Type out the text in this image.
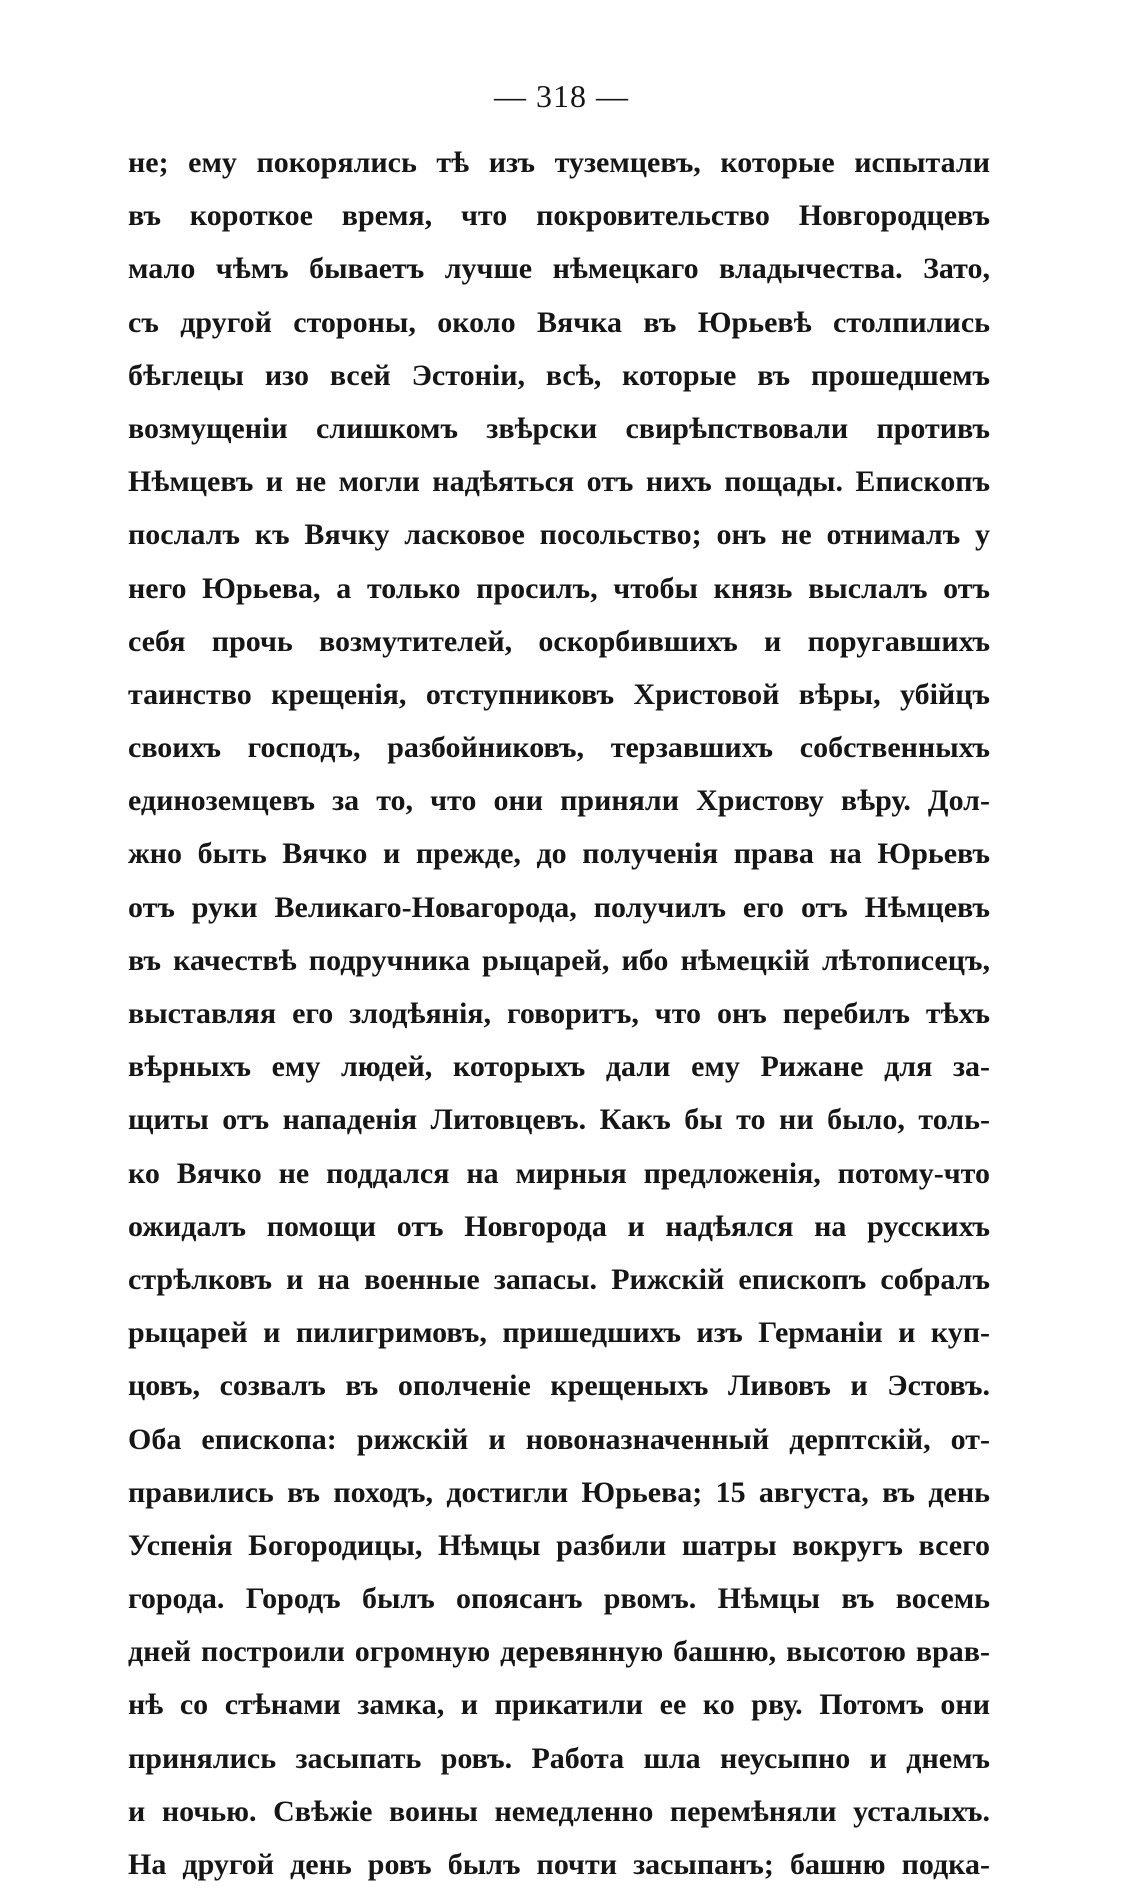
— 318 —
не; ему покорялись тѣ изъ туземцевъ, которые испытали
въ короткое время, что покровительство Новгородцевъ
мало чѣмъ бываетъ лучше нѣмецкаго владычества. Зато,
съ другой стороны, около Вячка въ Юрьевѣ столпились
бѣглецы изо всей Эстоніи, всѣ, которые въ прошедшемъ
возмущеніи слишкомъ звѣрски свирѣпствовали противъ
Нѣмцевъ и не могли надѣяться отъ нихъ пощады. Епископъ
послалъ къ Вячку ласковое посольство; онъ не отнималъ у
него Юрьева, а только просилъ, чтобы князь выслалъ отъ
себя прочь возмутителей, оскорбившихъ и поругавшихъ
таинство крещенія, отступниковъ Христовой вѣры, убійцъ
своихъ господъ, разбойниковъ, терзавшихъ собственныхъ
единоземцевъ за то, что они приняли Христову вѣру. Дол-
жно быть Вячко и прежде, до полученія права на Юрьевъ
отъ руки Великаго-Новагорода, получилъ его отъ Нѣмцевъ
въ качествѣ подручника рыцарей, ибо нѣмецкій лѣтописецъ,
выставляя его злодѣянія, говоритъ, что онъ перебилъ тѣхъ
вѣрныхъ ему людей, которыхъ дали ему Рижане для за-
щиты отъ нападенія Литовцевъ. Какъ бы то ни было, толь-
ко Вячко не поддался на мирныя предложенія, потому-что
ожидалъ помощи отъ Новгорода и надѣялся на русскихъ
стрѣлковъ и на военные запасы. Рижскій епископъ собралъ
рыцарей и пилигримовъ, пришедшихъ изъ Германіи и куп-
цовъ, созвалъ въ ополченіе крещеныхъ Ливовъ и Эстовъ.
Оба епископа: рижскій и новоназначенный дерптскій, от-
правились въ походъ, достигли Юрьева; 15 августа, въ день
Успенія Богородицы, Нѣмцы разбили шатры вокругъ всего
города. Городъ былъ опоясанъ рвомъ. Нѣмцы въ восемь
дней построили огромную деревянную башню, высотою врав-
нѣ со стѣнами замка, и прикатили ее ко рву. Потомъ они
принялись засыпать ровъ. Работа шла неусыпно и днемъ
и ночью. Свѣжіе воины немедленно перемѣняли усталыхъ.
На другой день ровъ былъ почти засыпанъ; башню подка-
